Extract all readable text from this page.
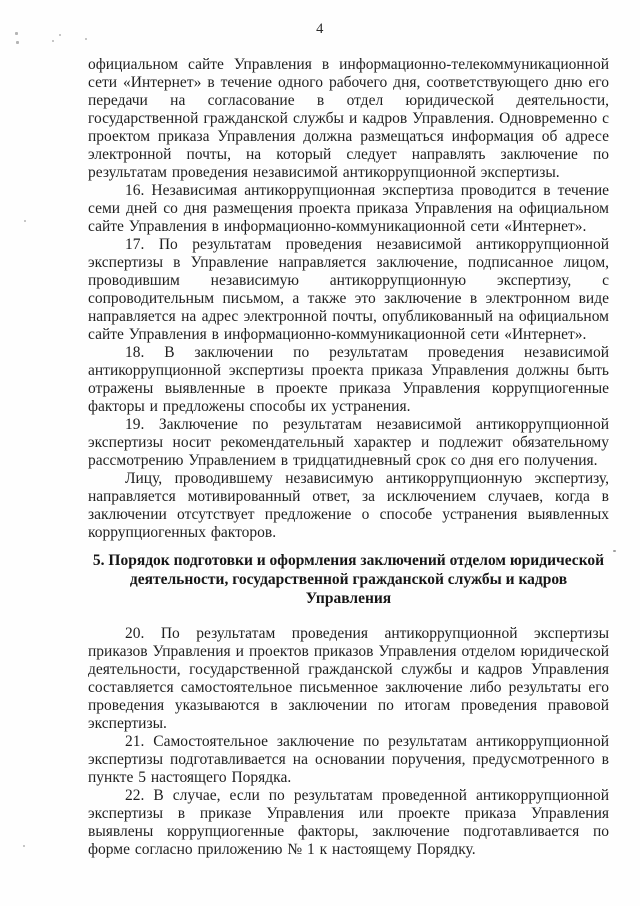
4

официальном сайте Управления в информационно-телекоммуникационной сети «Интернет» в течение одного рабочего дня, соответствующего дню его передачи на согласование в отдел юридической деятельности, государственной гражданской службы и кадров Управления. Одновременно с проектом приказа Управления должна размещаться информация об адресе электронной почты, на который следует направлять заключение по результатам проведения независимой антикоррупционной экспертизы.

16. Независимая антикоррупционная экспертиза проводится в течение семи дней со дня размещения проекта приказа Управления на официальном сайте Управления в информационно-коммуникационной сети «Интернет».

17. По результатам проведения независимой антикоррупционной экспертизы в Управление направляется заключение, подписанное лицом, проводившим независимую антикоррупционную экспертизу, с сопроводительным письмом, а также это заключение в электронном виде направляется на адрес электронной почты, опубликованный на официальном сайте Управления в информационно-коммуникационной сети «Интернет».

18. В заключении по результатам проведения независимой антикоррупционной экспертизы проекта приказа Управления должны быть отражены выявленные в проекте приказа Управления коррупциогенные факторы и предложены способы их устранения.

19. Заключение по результатам независимой антикоррупционной экспертизы носит рекомендательный характер и подлежит обязательному рассмотрению Управлением в тридцатидневный срок со дня его получения.

Лицу, проводившему независимую антикоррупционную экспертизу, направляется мотивированный ответ, за исключением случаев, когда в заключении отсутствует предложение о способе устранения выявленных коррупциогенных факторов.

5. Порядок подготовки и оформления заключений отделом юридической деятельности, государственной гражданской службы и кадров Управления

20. По результатам проведения антикоррупционной экспертизы приказов Управления и проектов приказов Управления отделом юридической деятельности, государственной гражданской службы и кадров Управления составляется самостоятельное письменное заключение либо результаты его проведения указываются в заключении по итогам проведения правовой экспертизы.

21. Самостоятельное заключение по результатам антикоррупционной экспертизы подготавливается на основании поручения, предусмотренного в пункте 5 настоящего Порядка.

22. В случае, если по результатам проведенной антикоррупционной экспертизы в приказе Управления или проекте приказа Управления выявлены коррупциогенные факторы, заключение подготавливается по форме согласно приложению № 1 к настоящему Порядку.
